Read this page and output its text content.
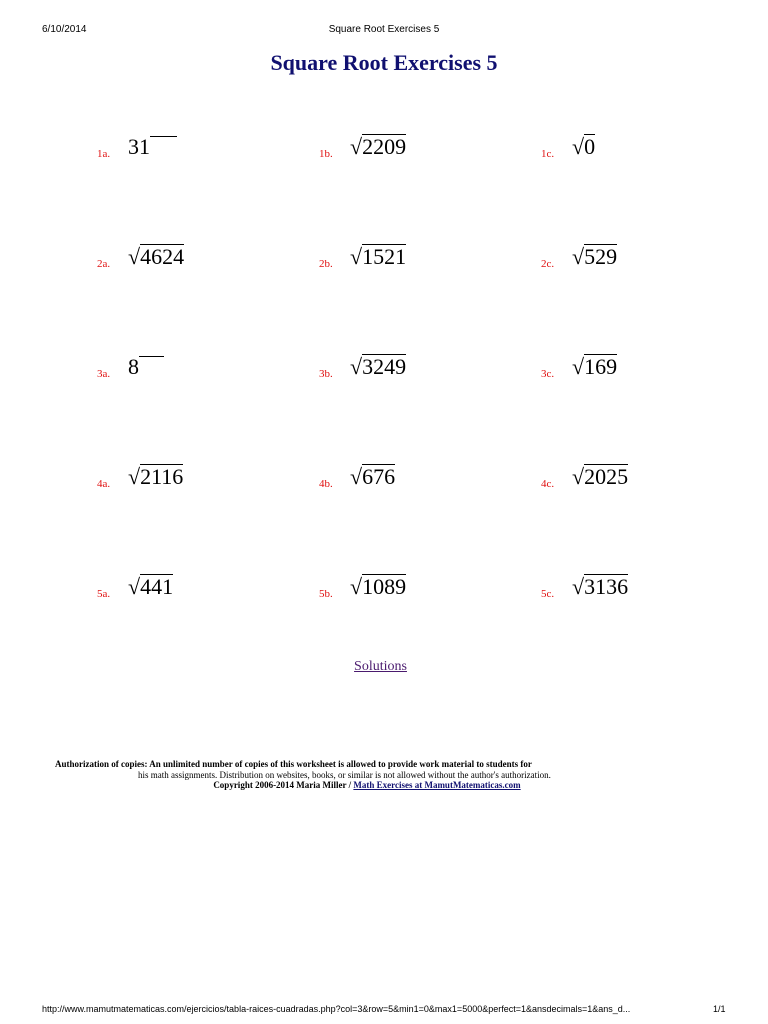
6/10/2014	Square Root Exercises 5
Square Root Exercises 5
1a. 31	1b. √2209	1c. √0
2a. √4624	2b. √1521	2c. √529
3a. 8	3b. √3249	3c. √169
4a. √2116	4b. √676	4c. √2025
5a. √441	5b. √1089	5c. √3136
Solutions
Authorization of copies: An unlimited number of copies of this worksheet is allowed to provide work material to students for
his math assignments. Distribution on websites, books, or similar is not allowed without the author's authorization.
Copyright 2006-2014 Maria Miller / Math Exercises at MamutMatematicas.com
http://www.mamutmatematicas.com/ejercicios/tabla-raices-cuadradas.php?col=3&row=5&min1=0&max1=5000&perfect=1&ansdecimals=1&ans_d...	1/1
